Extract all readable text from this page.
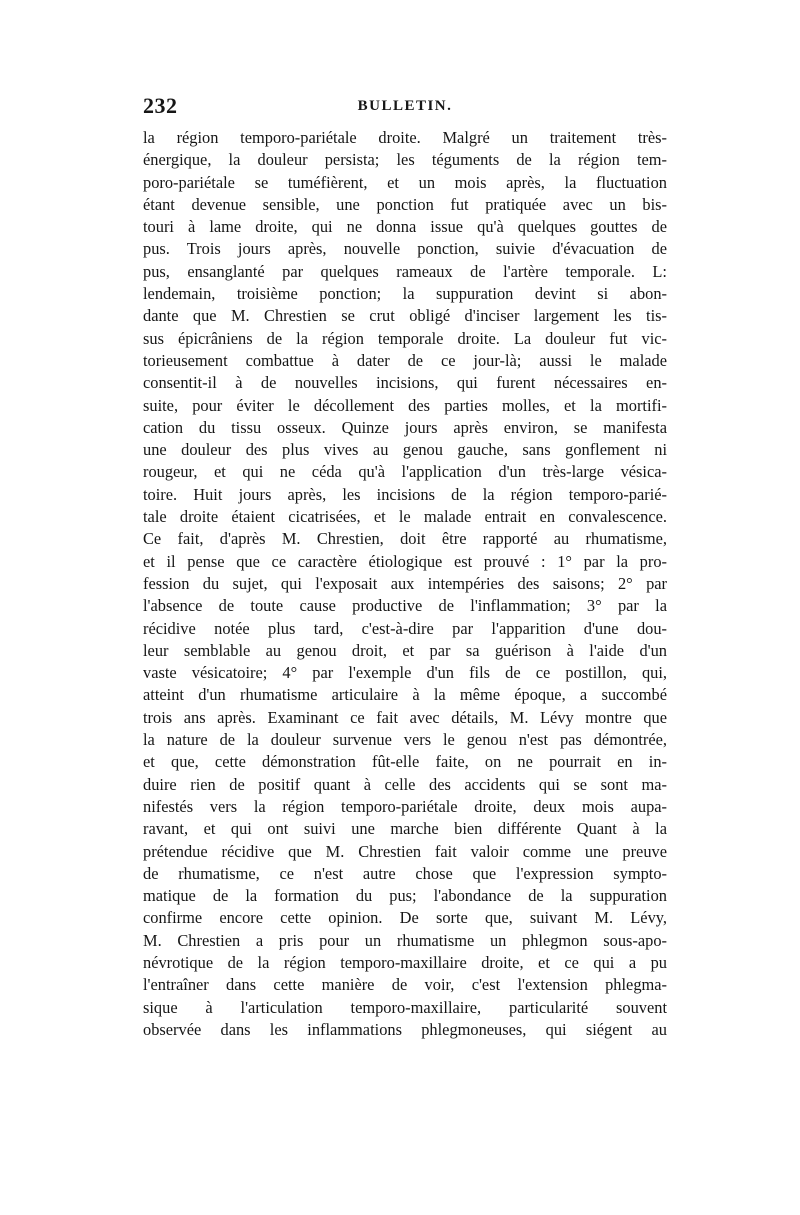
232	BULLETIN.
la région temporo-pariétale droite. Malgré un traitement très-
énergique, la douleur persista; les téguments de la région tem-
poro-pariétale se tuméfièrent, et un mois après, la fluctuation
étant devenue sensible, une ponction fut pratiquée avec un bis-
touri à lame droite, qui ne donna issue qu'à quelques gouttes de
pus. Trois jours après, nouvelle ponction, suivie d'évacuation de
pus, ensanglanté par quelques rameaux de l'artère temporale. L:
lendemain, troisième ponction; la suppuration devint si abon-
dante que M. Chrestien se crut obligé d'inciser largement les tis-
sus épicrâniens de la région temporale droite. La douleur fut vic-
torieusement combattue à dater de ce jour-là; aussi le malade
consentit-il à de nouvelles incisions, qui furent nécessaires en-
suite, pour éviter le décollement des parties molles, et la mortifi-
cation du tissu osseux. Quinze jours après environ, se manifesta
une douleur des plus vives au genou gauche, sans gonflement ni
rougeur, et qui ne céda qu'à l'application d'un très-large vésica-
toire. Huit jours après, les incisions de la région temporo-parié-
tale droite étaient cicatrisées, et le malade entrait en convalescence.
Ce fait, d'après M. Chrestien, doit être rapporté au rhumatisme,
et il pense que ce caractère étiologique est prouvé : 1° par la pro-
fession du sujet, qui l'exposait aux intempéries des saisons; 2° par
l'absence de toute cause productive de l'inflammation; 3° par la
récidive notée plus tard, c'est-à-dire par l'apparition d'une dou-
leur semblable au genou droit, et par sa guérison à l'aide d'un
vaste vésicatoire; 4° par l'exemple d'un fils de ce postillon, qui,
atteint d'un rhumatisme articulaire à la même époque, a succombé
trois ans après. Examinant ce fait avec détails, M. Lévy montre que
la nature de la douleur survenue vers le genou n'est pas démontrée,
et que, cette démonstration fût-elle faite, on ne pourrait en in-
duire rien de positif quant à celle des accidents qui se sont ma-
nifestés vers la région temporo-pariétale droite, deux mois aupa-
ravant, et qui ont suivi une marche bien différente Quant à la
prétendue récidive que M. Chrestien fait valoir comme une preuve
de rhumatisme, ce n'est autre chose que l'expression sympto-
matique de la formation du pus; l'abondance de la suppuration
confirme encore cette opinion. De sorte que, suivant M. Lévy,
M. Chrestien a pris pour un rhumatisme un phlegmon sous-apo-
névrotique de la région temporo-maxillaire droite, et ce qui a pu
l'entraîner dans cette manière de voir, c'est l'extension phlegma-
sique à l'articulation temporo-maxillaire, particularité souvent
observée dans les inflammations phlegmoneuses, qui siégent au
